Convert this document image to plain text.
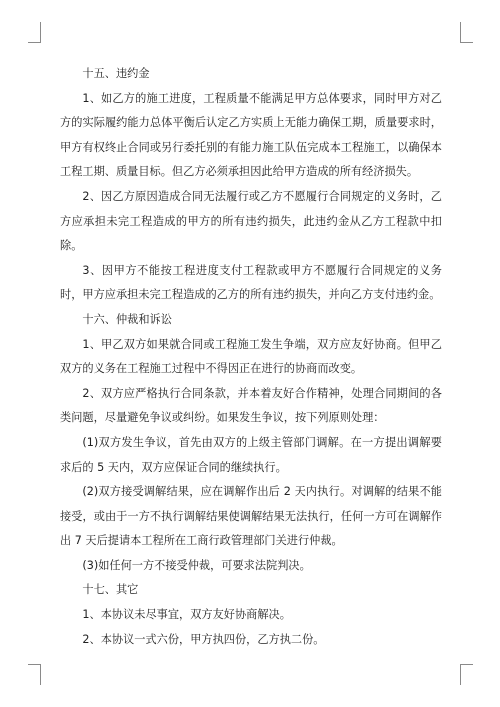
十五、违约金

1、如乙方的施工进度，工程质量不能满足甲方总体要求，同时甲方对乙方的实际履约能力总体平衡后认定乙方实质上无能力确保工期，质量要求时，甲方有权终止合同或另行委托别的有能力施工队伍完成本工程施工，以确保本工程工期、质量目标。但乙方必须承担因此给甲方造成的所有经济损失。

2、因乙方原因造成合同无法履行或乙方不愿履行合同规定的义务时，乙方应承担未完工程造成的甲方的所有违约损失，此违约金从乙方工程款中扣除。

3、因甲方不能按工程进度支付工程款或甲方不愿履行合同规定的义务时，甲方应承担未完工程造成的乙方的所有违约损失，并向乙方支付违约金。

十六、仲裁和诉讼

1、甲乙双方如果就合同或工程施工发生争端，双方应友好协商。但甲乙双方的义务在工程施工过程中不得因正在进行的协商而改变。

2、双方应严格执行合同条款，并本着友好合作精神，处理合同期间的各类问题，尽量避免争议或纠纷。如果发生争议，按下列原则处理：

(1)双方发生争议，首先由双方的上级主管部门调解。在一方提出调解要求后的 5 天内，双方应保证合同的继续执行。

(2)双方接受调解结果，应在调解作出后 2 天内执行。对调解的结果不能接受，或由于一方不执行调解结果使调解结果无法执行，任何一方可在调解作出 7 天后提请本工程所在工商行政管理部门关进行仲裁。

(3)如任何一方不接受仲裁，可要求法院判决。

十七、其它

1、本协议未尽事宜，双方友好协商解决。

2、本协议一式六份，甲方执四份，乙方执二份。
